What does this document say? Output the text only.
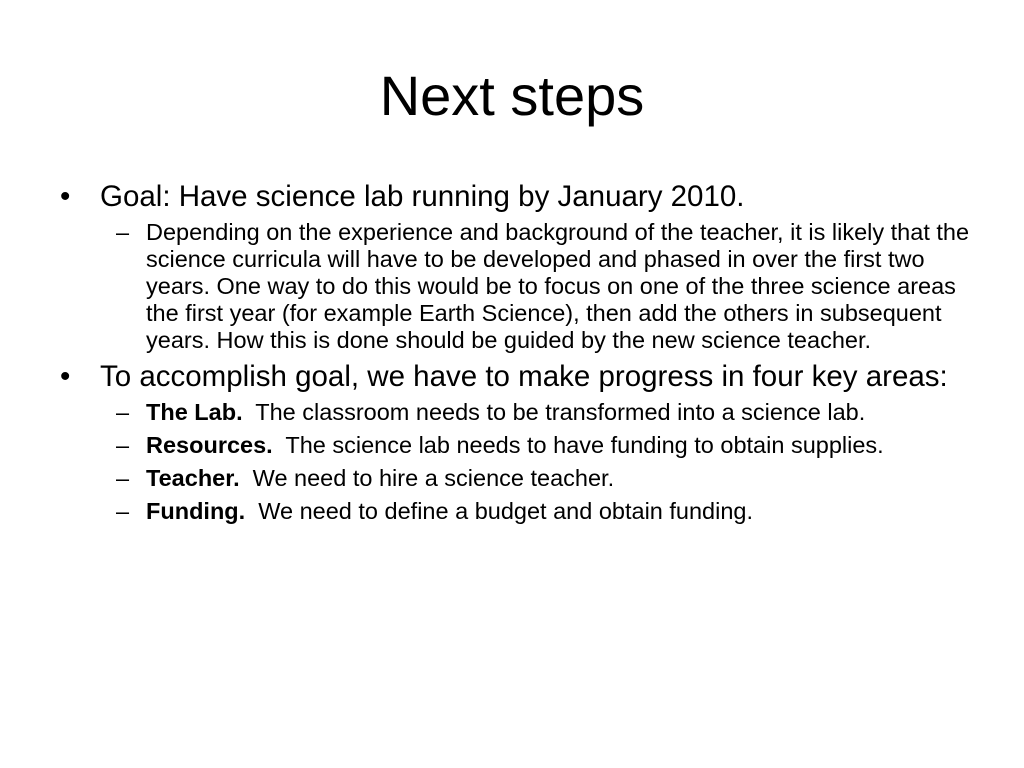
Next steps
• Goal: Have science lab running by January 2010.
– Depending on the experience and background of the teacher, it is likely that the science curricula will have to be developed and phased in over the first two years. One way to do this would be to focus on one of the three science areas the first year (for example Earth Science), then add the others in subsequent years. How this is done should be guided by the new science teacher.
• To accomplish goal, we have to make progress in four key areas:
– The Lab.  The classroom needs to be transformed into a science lab.
– Resources.  The science lab needs to have funding to obtain supplies.
– Teacher.  We need to hire a science teacher.
– Funding.  We need to define a budget and obtain funding.
